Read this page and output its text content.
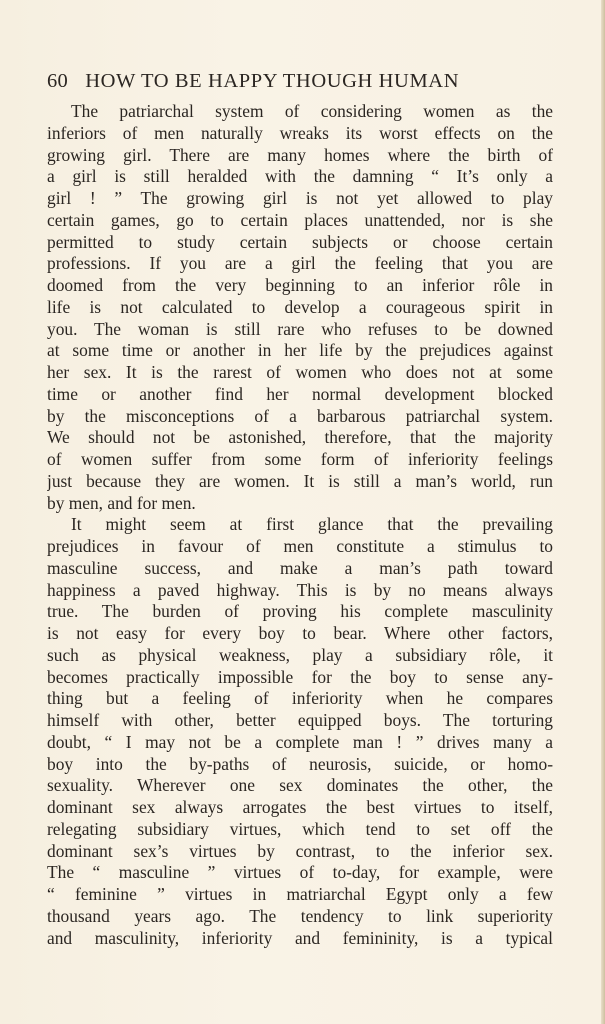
60 HOW TO BE HAPPY THOUGH HUMAN
The patriarchal system of considering women as the
inferiors of men naturally wreaks its worst effects on the
growing girl. There are many homes where the birth of
a girl is still heralded with the damning “ It’s only a
girl ! ” The growing girl is not yet allowed to play
certain games, go to certain places unattended, nor is she
permitted to study certain subjects or choose certain
professions. If you are a girl the feeling that you are
doomed from the very beginning to an inferior rôle in
life is not calculated to develop a courageous spirit in
you. The woman is still rare who refuses to be downed
at some time or another in her life by the prejudices against
her sex. It is the rarest of women who does not at some
time or another find her normal development blocked
by the misconceptions of a barbarous patriarchal system.
We should not be astonished, therefore, that the majority
of women suffer from some form of inferiority feelings
just because they are women. It is still a man’s world, run
by men, and for men.
It might seem at first glance that the prevailing
prejudices in favour of men constitute a stimulus to
masculine success, and make a man’s path toward
happiness a paved highway. This is by no means always
true. The burden of proving his complete masculinity
is not easy for every boy to bear. Where other factors,
such as physical weakness, play a subsidiary rôle, it
becomes practically impossible for the boy to sense any-
thing but a feeling of inferiority when he compares
himself with other, better equipped boys. The torturing
doubt, “ I may not be a complete man ! ” drives many a
boy into the by-paths of neurosis, suicide, or homo-
sexuality. Wherever one sex dominates the other, the
dominant sex always arrogates the best virtues to itself,
relegating subsidiary virtues, which tend to set off the
dominant sex’s virtues by contrast, to the inferior sex.
The “ masculine ” virtues of to-day, for example, were
“ feminine ” virtues in matriarchal Egypt only a few
thousand years ago. The tendency to link superiority
and masculinity, inferiority and femininity, is a typical
